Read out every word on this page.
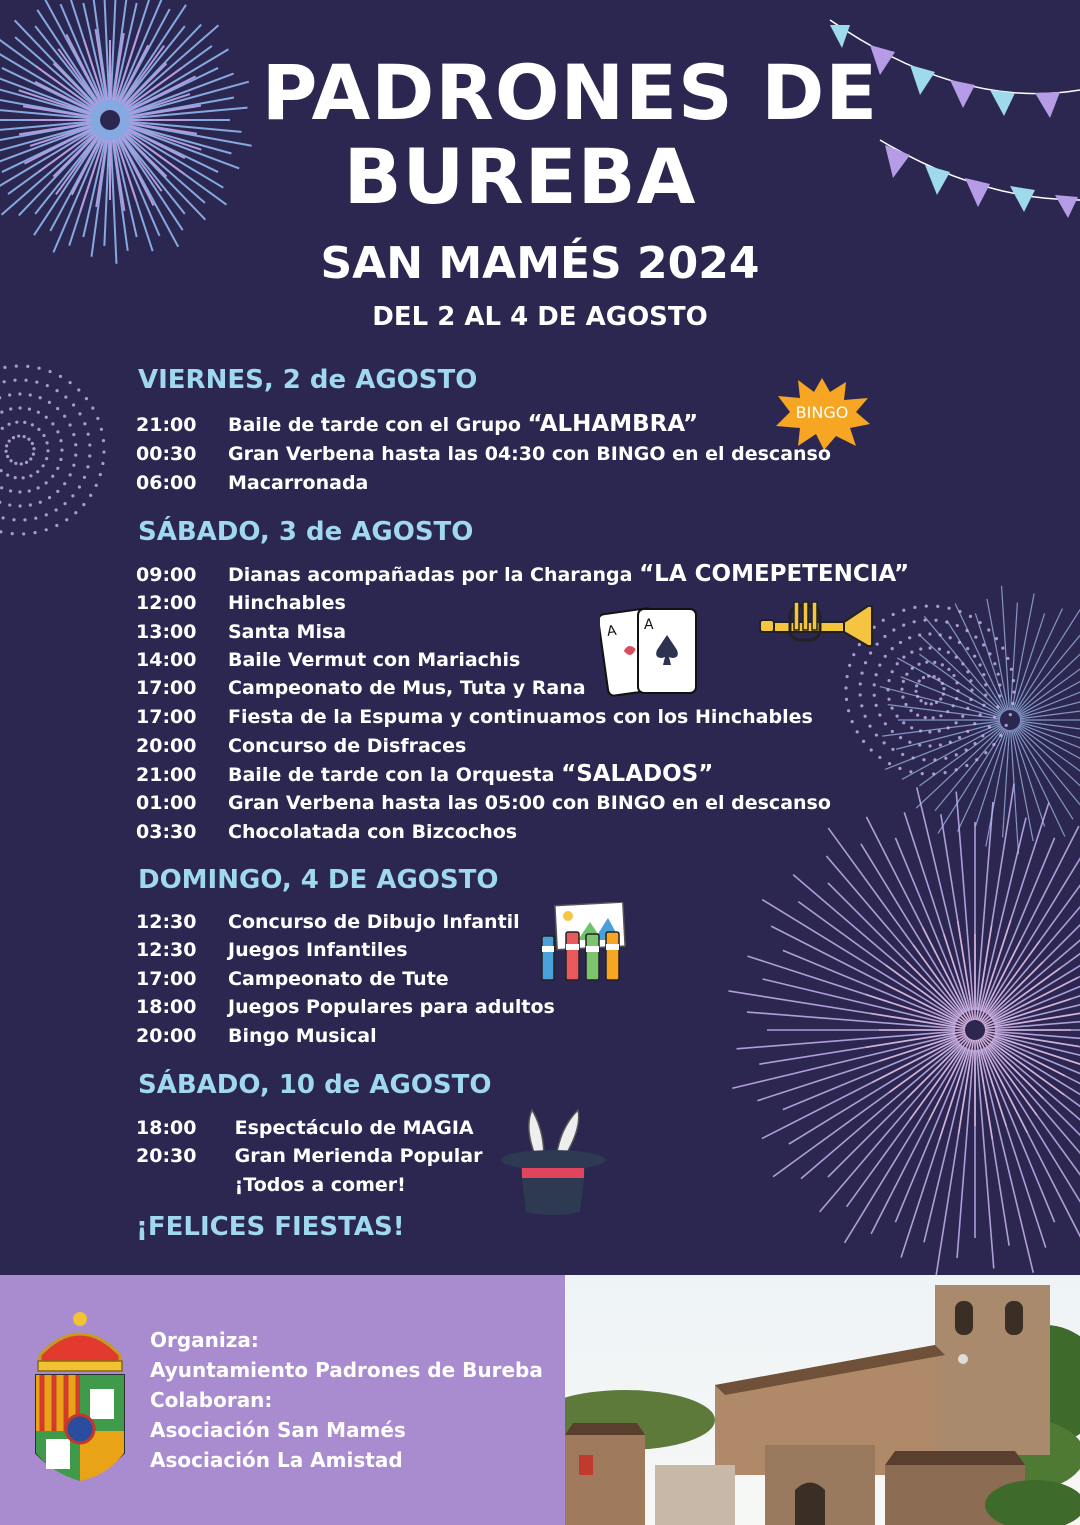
PADRONES DE
BUREBA
SAN MAMÉS 2024
DEL 2 AL 4 DE AGOSTO
BINGO
VIERNES, 2 de AGOSTO
21:00 Baile de tarde con el Grupo “ALHAMBRA”
00:30 Gran Verbena hasta las 04:30 con BINGO en el descanso
06:00 Macarronada
SÁBADO, 3 de AGOSTO
09:00 Dianas acompañadas por la Charanga “LA COMEPETENCIA”
12:00 Hinchables
13:00 Santa Misa
14:00 Baile Vermut con Mariachis
17:00 Campeonato de Mus, Tuta y Rana
17:00 Fiesta de la Espuma y continuamos con los Hinchables
20:00 Concurso de Disfraces
21:00 Baile de tarde con la Orquesta “SALADOS”
01:00 Gran Verbena hasta las 05:00 con BINGO en el descanso
03:30 Chocolatada con Bizcochos
DOMINGO, 4 DE AGOSTO
12:30 Concurso de Dibujo Infantil
12:30 Juegos Infantiles
17:00 Campeonato de Tute
18:00 Juegos Populares para adultos
20:00 Bingo Musical
SÁBADO, 10 de AGOSTO
18:00 Espectáculo de MAGIA
20:30 Gran Merienda Popular
¡Todos a comer!
¡FELICES FIESTAS!
A A
Organiza:
Ayuntamiento Padrones de Bureba
Colaboran:
Asociación San Mamés
Asociación La Amistad
